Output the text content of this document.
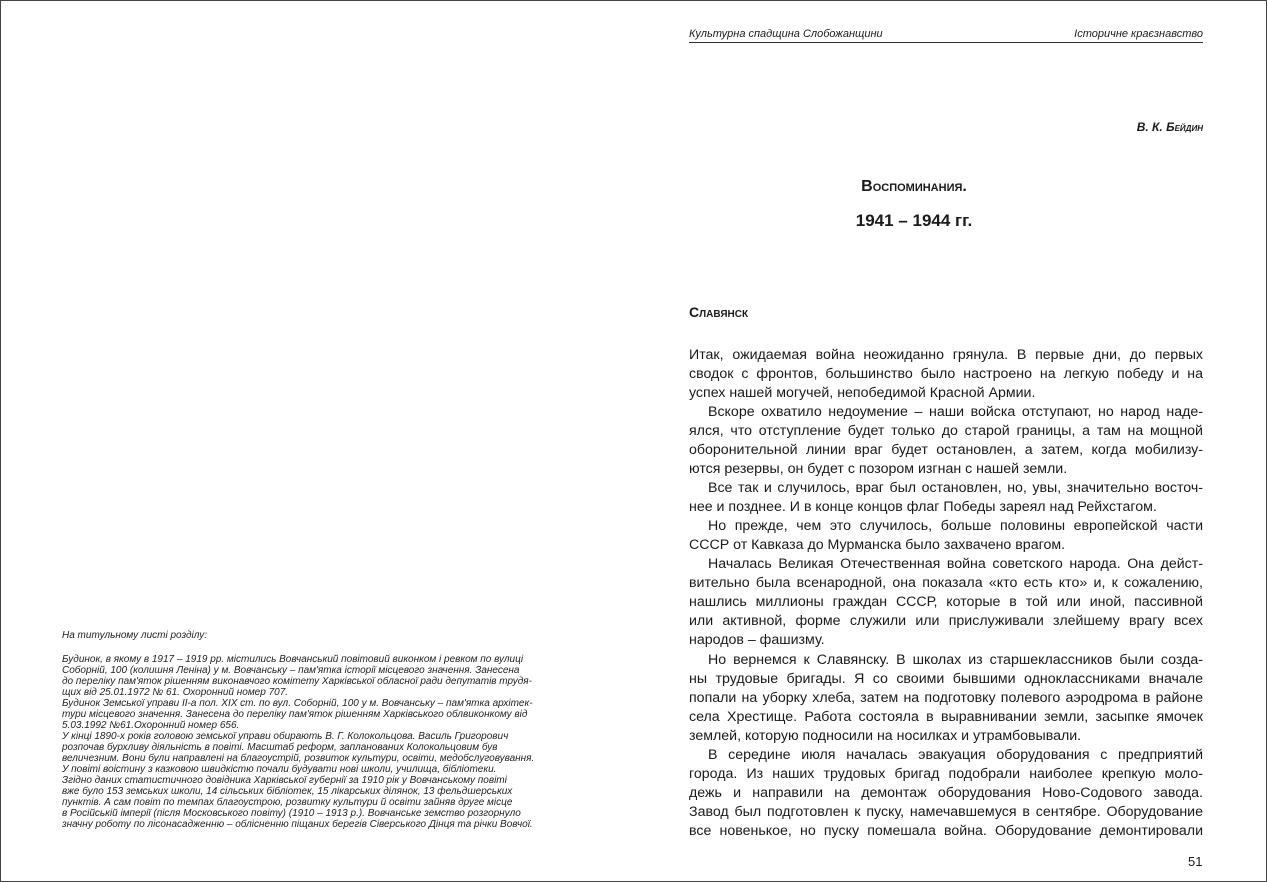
Культурна спадщина Слобожанщини	Історичне краєзнавство
В. К. Бейдин
Воспоминания.
1941 – 1944 гг.
Славянск
Итак, ожидаемая война неожиданно грянула. В первые дни, до первых
сводок с фронтов, большинство было настроено на легкую победу и на
успех нашей могучей, непобедимой Красной Армии.
Вскоре охватило недоумение – наши войска отступают, но народ наде-
ялся, что отступление будет только до старой границы, а там на мощной
оборонительной линии враг будет остановлен, а затем, когда мобилизу-
ются резервы, он будет с позором изгнан с нашей земли.
Все так и случилось, враг был остановлен, но, увы, значительно восточ-
нее и позднее. И в конце концов флаг Победы зареял над Рейхстагом.
Но прежде, чем это случилось, больше половины европейской части
СССР от Кавказа до Мурманска было захвачено врагом.
Началась Великая Отечественная война советского народа. Она дейст-
вительно была всенародной, она показала «кто есть кто» и, к сожалению,
нашлись миллионы граждан СССР, которые в той или иной, пассивной
или активной, форме служили или прислуживали злейшему врагу всех
народов – фашизму.
Но вернемся к Славянску. В школах из старшеклассников были созда-
ны трудовые бригады. Я со своими бывшими одноклассниками вначале
попали на уборку хлеба, затем на подготовку полевого аэродрома в районе
села Хрестище. Работа состояла в выравнивании земли, засыпке ямочек
землей, которую подносили на носилках и утрамбовывали.
В середине июля началась эвакуация оборудования с предприятий
города. Из наших трудовых бригад подобрали наиболее крепкую моло-
дежь и направили на демонтаж оборудования Ново-Содового завода.
Завод был подготовлен к пуску, намечавшемуся в сентябре. Оборудование
все новенькое, но пуску помешала война. Оборудование демонтировали
На титульному листі розділу:
Будинок, в якому в 1917 – 1919 рр. містились Вовчанський повітовий виконком і ревком по вулиці
Соборній, 100 (колишня Леніна) у м. Вовчанську – пам'ятка історії місцевого значення. Занесена
до переліку пам'яток рішенням виконавчого комітету Харківської обласної ради депутатів трудя-
щих від 25.01.1972 № 61. Охоронний номер 707.
Будинок Земської управи ІІ-а пол. XIX ст. по вул. Соборній, 100 у м. Вовчанську – пам'ятка архітек-
тури місцевого значення. Занесена до переліку пам'яток рішенням Харківського облвиконкому від
5.03.1992 №61.Охоронний номер 656.
У кінці 1890-х років головою земської управи обирають В. Г. Колокольцова. Василь Григорович
розпочав бурхливу діяльність в повіті. Масштаб реформ, запланованих Колокольцовим був
величезним. Вони були направлені на благоустрій, розвиток культури, освіти, медобслуговування.
У повіті воістину з казковою швидкістю почали будувати нові школи, училища, бібліотеки.
Згідно даних статистичного довідника Харківської губернії за 1910 рік у Вовчанському повіті
вже було 153 земських школи, 14 сільських бібліотек, 15 лікарських ділянок, 13 фельдшерських
пунктів. А сам повіт по темпах благоустрою, розвитку культури й освіти зайняв друге місце
в Російській імперії (після Московського повіту) (1910 – 1913 р.). Вовчанське земство розгорнуло
значну роботу по лісонасадженню – облісненню піщаних берегів Сіверського Дінця та річки Вовчої.
51
